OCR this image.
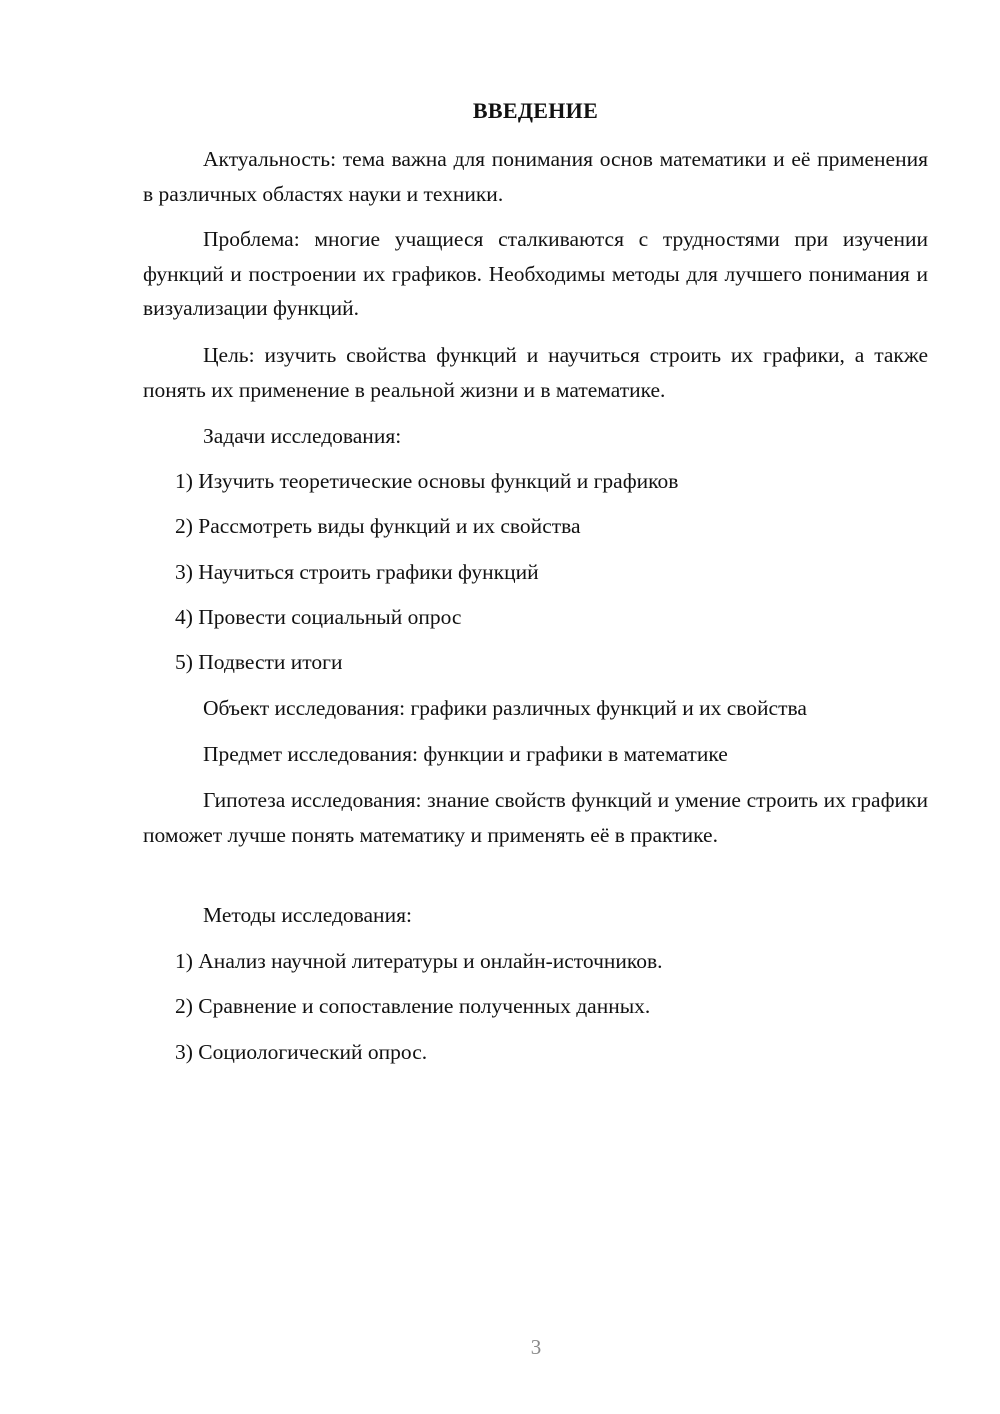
ВВЕДЕНИЕ

Актуальность: тема важна для понимания основ математики и её применения в различных областях науки и техники.

Проблема: многие учащиеся сталкиваются с трудностями при изучении функций и построении их графиков. Необходимы методы для лучшего понимания и визуализации функций.

Цель: изучить свойства функций и научиться строить их графики, а также понять их применение в реальной жизни и в математике.

Задачи исследования:
1) Изучить теоретические основы функций и графиков
2) Рассмотреть виды функций и их свойства
3) Научиться строить графики функций
4) Провести социальный опрос
5) Подвести итоги
Объект исследования: графики различных функций и их свойства
Предмет исследования: функции и графики в математике

Гипотеза исследования: знание свойств функций и умение строить их графики поможет лучше понять математику и применять её в практике.

Методы исследования:
1) Анализ научной литературы и онлайн-источников.
2) Сравнение и сопоставление полученных данных.
3) Социологический опрос.
3
